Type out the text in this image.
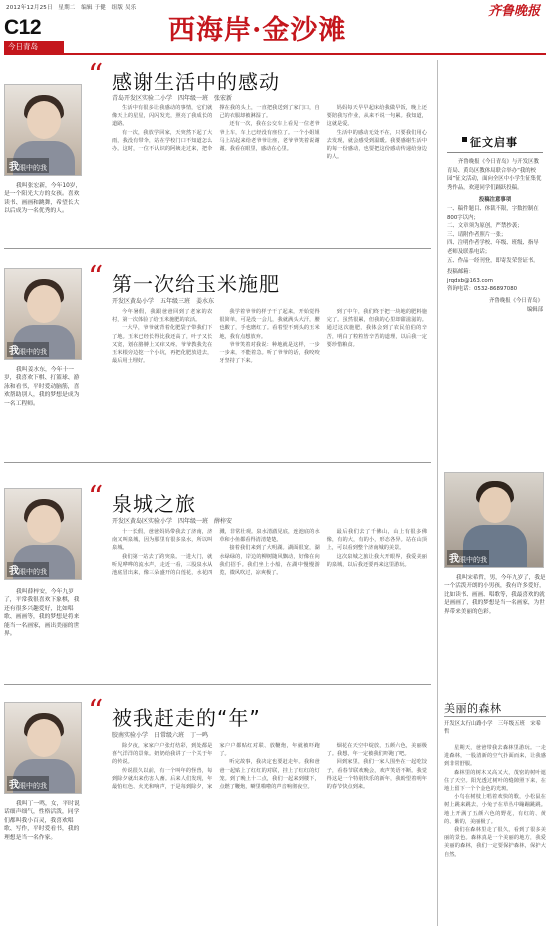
2012年12月25日　星期二　编辑 于健　组版 吴乐	齐鲁晚报
C12
今日青岛
西海岸·金沙滩
“
感谢生活中的感动
青岛开发区实验二小学　四年级一班　张宏新
我眼中的我
我叫张宏新，今年10岁，是一个阳光大方的女孩。喜欢读书、画画和跳舞，希望长大以后成为一名优秀的人。

生活中有很多让我感动的事情，它们就像天上的星星，闪闪发光，照亮了我成长的道路。

有一次，我放学回家，天突然下起了大雨，我没有带伞，站在学校门口不知道怎么办。这时，一位不认识的阿姨走过来，把伞撑在我的头上，一直把我送到了家门口，自己的衣服却被淋湿了。

还有一次，我在公交车上看见一位老爷爷上车，车上已经没有座位了。一个小姐姐马上站起来给老爷爷让座，老爷爷笑着说谢谢。我看在眼里，感动在心里。

妈妈每天早早起床给我做早饭，晚上还要陪我写作业，从来不说一句累。我知道，这就是爱。

生活中的感动无处不在，只要我们用心去发现，就会感受到温暖。我要感谢生活中的每一份感动，也要把这份感动传递给身边的人。

“
第一次给玉米施肥
开发区黄岛小学　五年级三班　姜水东
我眼中的我
我叫姜水东，今年十一岁，我喜欢下棋、打篮球、游泳和看书，平时爱动脑筋，喜欢帮助别人，我的梦想是成为一名工程师。

今年暑假，我跟爸爸回到了老家的农村，第一次体验了给玉米施肥的农活。

一大早，爷爷就背着化肥袋子带我们下了地。玉米已经长得比我还高了，叶子又长又宽，划在胳膊上又痒又疼。爷爷教我先在玉米根旁边挖一个小坑，再把化肥放进去，最后用土埋好。

我学着爷爷的样子干了起来，开始觉得很简单，可是没一会儿，我就满头大汗，腰也酸了，手也磨红了。看着望不到头的玉米地，我有点想放弃。

爷爷笑着对我说：种地就是这样，一步一步来，不能着急。听了爷爷的话，我咬咬牙坚持了下来。

到了中午，我们终于把一块地的肥料施完了。虽然很累，但我的心里却甜滋滋的。通过这次施肥，我体会到了农民伯伯的辛苦，明白了粒粒皆辛苦的道理，以后我一定要珍惜粮食。

“
泉城之旅
开发区黄岛区实验小学　四年级一班　薛梓安
我眼中的我
我叫薛梓安，今年九岁了，平常我很喜欢下象棋，我还有很多兴趣爱好，比如唱歌、画画等，我的梦想是将来能当一名画家，画出美丽的世界。

十一长假，爸爸妈妈带我去了济南，济南又叫泉城，因为那里有很多泉水，所以叫泉城。

我们第一站去了趵突泉。一进大门，就听见哗哗的流水声，走近一看，三股泉水从池底冒出来，像三朵盛开的白莲花，水花四溅，非常壮观。泉水清澈见底，连池底的水草和小鱼都看得清清楚楚。

接着我们来到了大明湖。湖面很宽，湖水绿绿的，岸边的柳树随风飘动，好像在向我们招手。我们坐上小船，在湖中慢慢游览，微风吹过，凉爽极了。

最后我们去了千佛山，山上有很多佛像，有的大，有的小，形态各异。站在山顶上，可以看到整个济南城的美景。

这次泉城之旅让我大开眼界，我爱美丽的泉城，以后我还要再来这里游玩。

“
被我赶走的“年”
胶南实验小学　日常级六班　丁一鸣
我眼中的我
我叫丁一鸣，女，平时说话细声细气，性格活泼，同学们都叫我小百灵，我喜欢唱歌、写作，平时爱看书，我的理想是当一名作家。

除夕夜，家家户户张灯结彩，到处都是喜气洋洋的景象。奶奶给我讲了一个关于年的传说。

传说很久以前，有一个叫年的怪兽，每到除夕就出来伤害人畜。后来人们发现，年最怕红色、火光和响声，于是每到除夕，家家户户都贴红对联、放鞭炮，年就被吓跑了。

听完故事，我决定也要赶走年。我和爸爸一起贴上了红红的对联，挂上了红红的灯笼。到了晚上十二点，我们一起来到楼下，点燃了鞭炮，噼里啪啦的声音响彻夜空。

烟花在天空中绽放，五颜六色，美丽极了。我想，年一定被我们吓跑了吧。

回到家里，我们一家人围坐在一起吃饺子，看春节联欢晚会，欢声笑语不断。我觉得这是一个特别快乐的新年，我盼望着明年的春节快点到来。

征文启事

齐鲁晚报《今日青岛》与开发区教育局、黄岛区教体局联合举办“我的校园”征文活动，面向全区中小学生征集优秀作品，欢迎同学们踊跃投稿。

投稿注意事项

一、稿件题目、体裁不限，字数控制在800字以内；

二、文章须为原创，严禁抄袭；

三、请附作者照片一张；

四、注明作者学校、年级、班级、指导老师及联系电话；

五、作品一经刊登，即寄发荣誉证书。

投稿邮箱：

jrqdxb@163.com

咨询电话：0532-86897080

齐鲁晚报《今日青岛》

编辑部

我眼中的我
我叫宋希哲，男，今年九岁了，我是一个活泼开朗的小男孩，我有许多爱好，比如读书、画画、唱歌等，我最喜欢的就是画画了，我的梦想是当一名画家，为世界带来美丽的色彩。
美丽的森林
开发区太行山路小学　三年级五班　宋希哲

星期天，爸爸带我去森林里游玩。一走进森林，一股清新的空气扑面而来，让我感到非常舒服。

森林里的树木又高又大，茂密的树叶遮住了天空。阳光透过树叶的缝隙照下来，在地上留下一个个金色的光斑。

小鸟在树枝上唱着欢快的歌，小松鼠在树上跳来跳去，小兔子在草丛中蹦蹦跳跳。地上开满了五颜六色的野花，有红的、黄的、紫的，美丽极了。

我们在森林里走了很久，看到了很多美丽的景色。森林真是一个美丽的地方，我爱美丽的森林，我们一定要保护森林，保护大自然。
